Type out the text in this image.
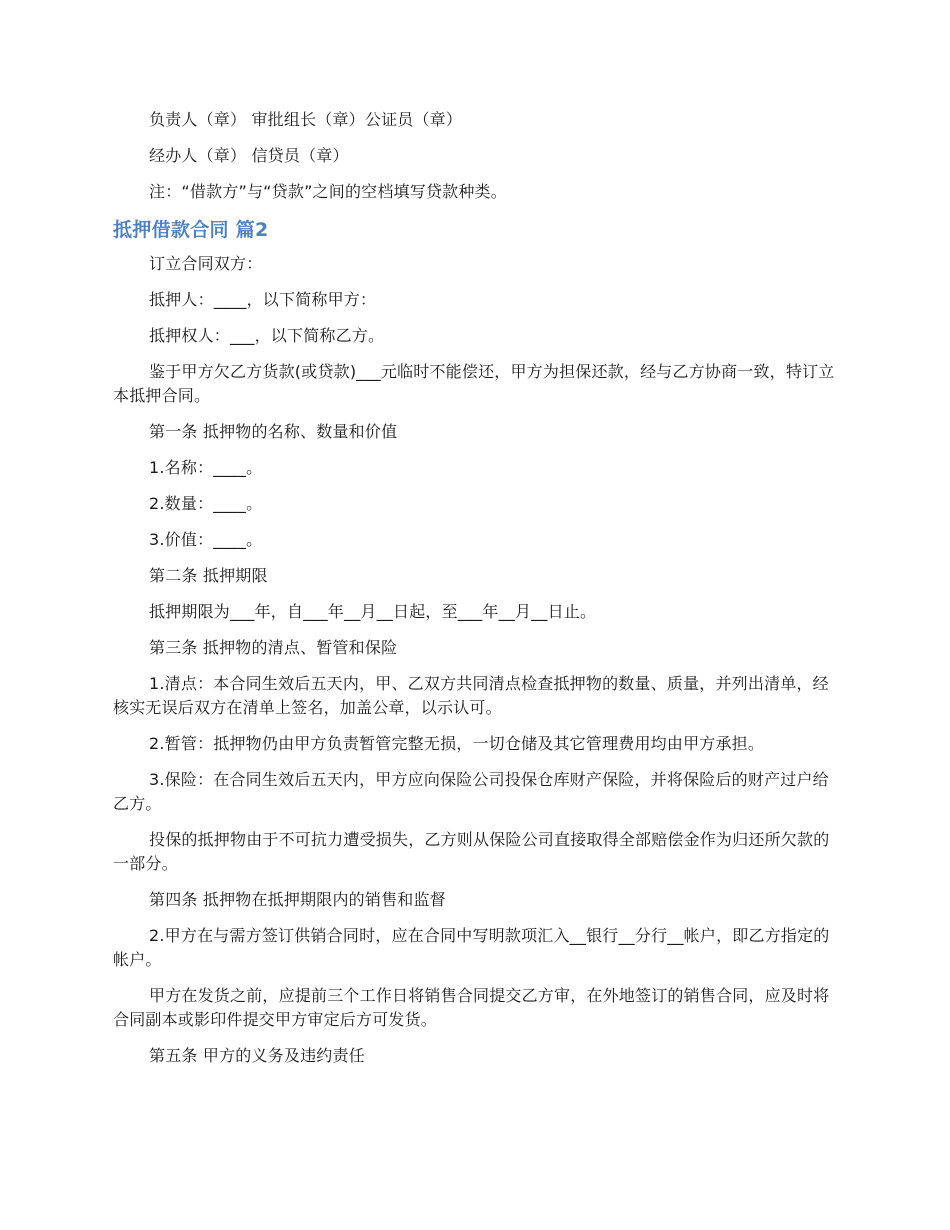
负责人（章） 审批组长（章）公证员（章）

经办人（章） 信贷员（章）

注：“借款方”与“贷款”之间的空档填写贷款种类。

抵押借款合同 篇2

订立合同双方：

抵押人：____，以下简称甲方：

抵押权人：___，以下简称乙方。

鉴于甲方欠乙方货款(或贷款)___元临时不能偿还，甲方为担保还款，经与乙方协商一致，特订立本抵押合同。

第一条 抵押物的名称、数量和价值

1.名称：____。

2.数量：____。

3.价值：____。

第二条 抵押期限

抵押期限为___年，自___年__月__日起，至___年__月__日止。

第三条 抵押物的清点、暂管和保险

1.清点：本合同生效后五天内，甲、乙双方共同清点检查抵押物的数量、质量，并列出清单，经核实无误后双方在清单上签名，加盖公章，以示认可。

2.暂管：抵押物仍由甲方负责暂管完整无损，一切仓储及其它管理费用均由甲方承担。

3.保险：在合同生效后五天内，甲方应向保险公司投保仓库财产保险，并将保险后的财产过户给乙方。

投保的抵押物由于不可抗力遭受损失，乙方则从保险公司直接取得全部赔偿金作为归还所欠款的一部分。

第四条 抵押物在抵押期限内的销售和监督

2.甲方在与需方签订供销合同时，应在合同中写明款项汇入__银行__分行__帐户，即乙方指定的帐户。

甲方在发货之前，应提前三个工作日将销售合同提交乙方审，在外地签订的销售合同，应及时将合同副本或影印件提交甲方审定后方可发货。

第五条 甲方的义务及违约责任
